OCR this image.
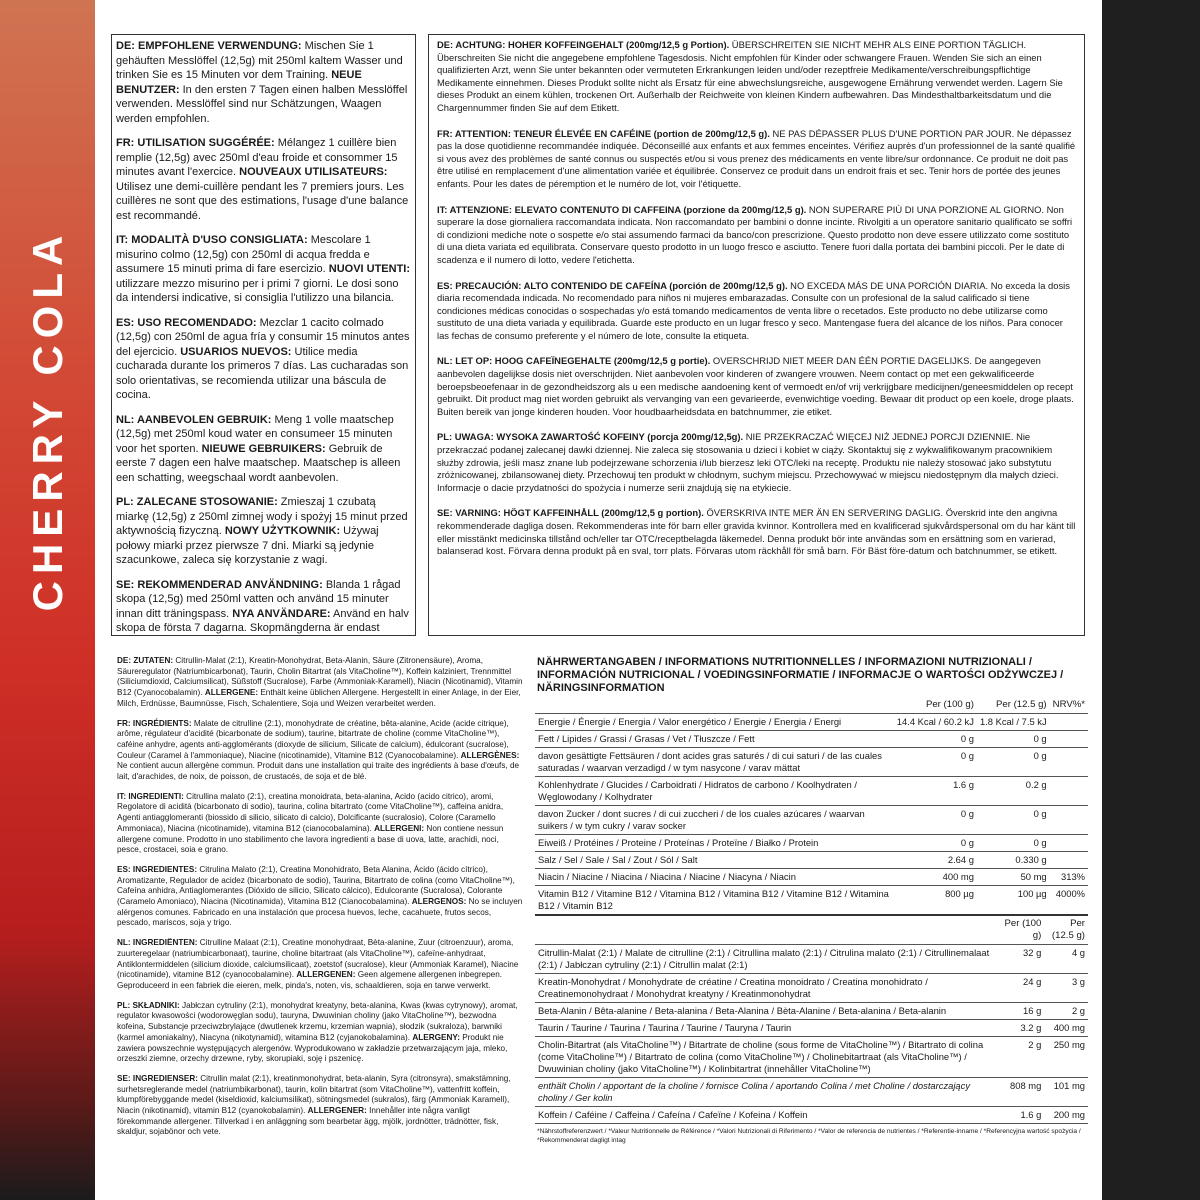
CHERRY COLA

DE: EMPFOHLENE VERWENDUNG: Mischen Sie 1 gehäuften Messlöffel (12,5g) mit 250ml kaltem Wasser und trinken Sie es 15 Minuten vor dem Training. NEUE BENUTZER: In den ersten 7 Tagen einen halben Messlöffel verwenden. Messlöffel sind nur Schätzungen, Waagen werden empfohlen.

FR: UTILISATION SUGGÉRÉE: Mélangez 1 cuillère bien remplie (12,5g) avec 250ml d'eau froide et consommer 15 minutes avant l'exercice. NOUVEAUX UTILISATEURS: Utilisez une demi-cuillère pendant les 7 premiers jours. Les cuillères ne sont que des estimations, l'usage d'une balance est recommandé.

IT: MODALITÀ D'USO CONSIGLIATA: Mescolare 1 misurino colmo (12,5g) con 250ml di acqua fredda e assumere 15 minuti prima di fare esercizio. NUOVI UTENTI: utilizzare mezzo misurino per i primi 7 giorni. Le dosi sono da intendersi indicative, si consiglia l'utilizzo una bilancia.

ES: USO RECOMENDADO: Mezclar 1 cacito colmado (12,5g) con 250ml de agua fría y consumir 15 minutos antes del ejercicio. USUARIOS NUEVOS: Utilice media cucharada durante los primeros 7 días. Las cucharadas son solo orientativas, se recomienda utilizar una báscula de cocina.

NL: AANBEVOLEN GEBRUIK: Meng 1 volle maatschep (12,5g) met 250ml koud water en consumeer 15 minuten voor het sporten. NIEUWE GEBRUIKERS: Gebruik de eerste 7 dagen een halve maatschep. Maatschep is alleen een schatting, weegschaal wordt aanbevolen.

PL: ZALECANE STOSOWANIE: Zmieszaj 1 czubatą miarkę (12,5g) z 250ml zimnej wody i spożyj 15 minut przed aktywnością fizyczną. NOWY UŻYTKOWNIK: Używaj połowy miarki przez pierwsze 7 dni. Miarki są jedynie szacunkowe, zaleca się korzystanie z wagi.

SE: REKOMMENDERAD ANVÄNDNING: Blanda 1 rågad skopa (12,5g) med 250ml vatten och använd 15 minuter innan ditt träningspass. NYA ANVÄNDARE: Använd en halv skopa de första 7 dagarna. Skopmängderna är endast

DE: ACHTUNG: HOHER KOFFEINGEHALT (200mg/12,5 g Portion). ÜBERSCHREITEN SIE NICHT MEHR ALS EINE PORTION TÄGLICH. Überschreiten Sie nicht die angegebene empfohlene Tagesdosis. Nicht empfohlen für Kinder oder schwangere Frauen. Wenden Sie sich an einen qualifizierten Arzt, wenn Sie unter bekannten oder vermuteten Erkrankungen leiden und/oder rezeptfreie Medikamente/verschreibungspflichtige Medikamente einnehmen. Dieses Produkt sollte nicht als Ersatz für eine abwechslungsreiche, ausgewogene Ernährung verwendet werden. Lagern Sie dieses Produkt an einem kühlen, trockenen Ort. Außerhalb der Reichweite von kleinen Kindern aufbewahren. Das Mindesthaltbarkeitsdatum und die Chargennummer finden Sie auf dem Etikett.

FR: ATTENTION: TENEUR ÉLEVÉE EN CAFÉINE (portion de 200mg/12,5 g). NE PAS DÉPASSER PLUS D'UNE PORTION PAR JOUR. Ne dépassez pas la dose quotidienne recommandée indiquée. Déconseillé aux enfants et aux femmes enceintes. Vérifiez auprès d'un professionnel de la santé qualifié si vous avez des problèmes de santé connus ou suspectés et/ou si vous prenez des médicaments en vente libre/sur ordonnance. Ce produit ne doit pas être utilisé en remplacement d'une alimentation variée et équilibrée. Conservez ce produit dans un endroit frais et sec. Tenir hors de portée des jeunes enfants. Pour les dates de péremption et le numéro de lot, voir l'étiquette.

IT: ATTENZIONE: ELEVATO CONTENUTO DI CAFFEINA (porzione da 200mg/12,5 g). NON SUPERARE PIÙ DI UNA PORZIONE AL GIORNO. Non superare la dose giornaliera raccomandata indicata. Non raccomandato per bambini o donne incinte. Rivolgiti a un operatore sanitario qualificato se soffri di condizioni mediche note o sospette e/o stai assumendo farmaci da banco/con prescrizione. Questo prodotto non deve essere utilizzato come sostituto di una dieta variata ed equilibrata. Conservare questo prodotto in un luogo fresco e asciutto. Tenere fuori dalla portata dei bambini piccoli. Per le date di scadenza e il numero di lotto, vedere l'etichetta.

ES: PRECAUCIÓN: ALTO CONTENIDO DE CAFEÍNA (porción de 200mg/12,5 g). NO EXCEDA MÁS DE UNA PORCIÓN DIARIA. No exceda la dosis diaria recomendada indicada. No recomendado para niños ni mujeres embarazadas. Consulte con un profesional de la salud calificado si tiene condiciones médicas conocidas o sospechadas y/o está tomando medicamentos de venta libre o recetados. Este producto no debe utilizarse como sustituto de una dieta variada y equilibrada. Guarde este producto en un lugar fresco y seco. Mantengase fuera del alcance de los niños. Para conocer las fechas de consumo preferente y el número de lote, consulte la etiqueta.

NL: LET OP: HOOG CAFEÏNEGEHALTE (200mg/12,5 g portie). OVERSCHRIJD NIET MEER DAN ÉÉN PORTIE DAGELIJKS. De aangegeven aanbevolen dagelijkse dosis niet overschrijden. Niet aanbevolen voor kinderen of zwangere vrouwen. Neem contact op met een gekwalificeerde beroepsbeoefenaar in de gezondheidszorg als u een medische aandoening kent of vermoedt en/of vrij verkrijgbare medicijnen/geneesmiddelen op recept gebruikt. Dit product mag niet worden gebruikt als vervanging van een gevarieerde, evenwichtige voeding. Bewaar dit product op een koele, droge plaats. Buiten bereik van jonge kinderen houden. Voor houdbaarheidsdata en batchnummer, zie etiket.

PL: UWAGA: WYSOKA ZAWARTOŚĆ KOFEINY (porcja 200mg/12,5g). NIE PRZEKRACZAĆ WIĘCEJ NIŻ JEDNEJ PORCJI DZIENNIE. Nie przekraczać podanej zalecanej dawki dziennej. Nie zaleca się stosowania u dzieci i kobiet w ciąży. Skontaktuj się z wykwalifikowanym pracownikiem służby zdrowia, jeśli masz znane lub podejrzewane schorzenia i/lub bierzesz leki OTC/leki na receptę. Produktu nie należy stosować jako substytutu zróżnicowanej, zbilansowanej diety. Przechowuj ten produkt w chłodnym, suchym miejscu. Przechowywać w miejscu niedostępnym dla małych dzieci. Informacje o dacie przydatności do spożycia i numerze serii znajdują się na etykiecie.

SE: VARNING: HÖGT KAFFEINHÅLL (200mg/12,5 g portion). ÖVERSKRIVA INTE MER ÄN EN SERVERING DAGLIG. Överskrid inte den angivna rekommenderade dagliga dosen. Rekommenderas inte för barn eller gravida kvinnor. Kontrollera med en kvalificerad sjukvårdspersonal om du har känt till eller misstänkt medicinska tillstånd och/eller tar OTC/receptbelagda läkemedel. Denna produkt bör inte användas som en ersättning som en varierad, balanserad kost. Förvara denna produkt på en sval, torr plats. Förvaras utom räckhåll för små barn. För Bäst före-datum och batchnummer, se etikett.

DE: ZUTATEN: Citrullin-Malat (2:1), Kreatin-Monohydrat, Beta-Alanin, Säure (Zitronensäure), Aroma, Säureregulator (Natriumbicarbonat), Taurin, Cholin Bitartrat (als VitaCholine™), Koffein kalziniert, Trennmittel (Siliciumdioxid, Calciumsilicat), Süßstoff (Sucralose), Farbe (Ammoniak-Karamell), Niacin (Nicotinamid), Vitamin B12 (Cyanocobalamin). ALLERGENE: Enthält keine üblichen Allergene. Hergestellt in einer Anlage, in der Eier, Milch, Erdnüsse, Baumnüsse, Fisch, Schalentiere, Soja und Weizen verarbeitet werden.

FR: INGRÉDIENTS: Malate de citrulline (2:1), monohydrate de créatine, bêta-alanine, Acide (acide citrique), arôme, régulateur d'acidité (bicarbonate de sodium), taurine, bitartrate de choline (comme VitaCholine™), caféine anhydre, agents anti-agglomérants (dioxyde de silicium, Silicate de calcium), édulcorant (sucralose), Couleur (Caramel à l'ammoniaque), Niacine (nicotinamide), Vitamine B12 (Cyanocobalamine). ALLERGÈNES: Ne contient aucun allergène commun. Produit dans une installation qui traite des ingrédients à base d'œufs, de lait, d'arachides, de noix, de poisson, de crustacés, de soja et de blé.

IT: INGREDIENTI: Citrullina malato (2:1), creatina monoidrata, beta-alanina, Acido (acido citrico), aromi, Regolatore di acidità (bicarbonato di sodio), taurina, colina bitartrato (come VitaCholine™), caffeina anidra, Agenti antiagglomeranti (biossido di silicio, silicato di calcio), Dolcificante (sucralosio), Colore (Caramello Ammoniaca), Niacina (nicotinamide), vitamina B12 (cianocobalamina). ALLERGENI: Non contiene nessun allergene comune. Prodotto in uno stabilimento che lavora ingredienti a base di uova, latte, arachidi, noci, pesce, crostacei, soia e grano.

ES: INGREDIENTES: Citrulina Malato (2:1), Creatina Monohidrato, Beta Alanina, Ácido (ácido cítrico), Aromatizante, Regulador de acidez (bicarbonato de sodio), Taurina, Bitartrato de colina (como VitaCholine™), Cafeína anhidra, Antiaglomerantes (Dióxido de silicio, Silicato cálcico), Edulcorante (Sucralosa), Colorante (Caramelo Amoniaco), Niacina (Nicotinamida), Vitamina B12 (Cianocobalamina). ALERGENOS: No se incluyen alérgenos comunes. Fabricado en una instalación que procesa huevos, leche, cacahuete, frutos secos, pescado, mariscos, soja y trigo.

NL: INGREDIËNTEN: Citrulline Malaat (2:1), Creatine monohydraat, Bèta-alanine, Zuur (citroenzuur), aroma, zuurteregelaar (natriumbicarbonaat), taurine, choline bitartraat (als VitaCholine™), cafeïne-anhydraat, Antiklontermiddelen (silicium dioxide, calciumsilicaat), zoetstof (sucralose), kleur (Ammoniak Karamel), Niacine (nicotinamide), vitamine B12 (cyanocobalamine). ALLERGENEN: Geen algemene allergenen inbegrepen. Geproduceerd in een fabriek die eieren, melk, pinda's, noten, vis, schaaldieren, soja en tarwe verwerkt.

PL: SKŁADNIKI: Jabłczan cytruliny (2:1), monohydrat kreatyny, beta-alanina, Kwas (kwas cytrynowy), aromat, regulator kwasowości (wodorowęglan sodu), tauryna, Dwuwinian choliny (jako VitaCholine™), bezwodna kofeina, Substancje przeciwzbrylające (dwutlenek krzemu, krzemian wapnia), słodzik (sukraloza), barwniki (karmel amoniakalny), Niacyna (nikotynamid), witamina B12 (cyjanokobalamina). ALERGENY: Produkt nie zawiera powszechnie występujących alergenów. Wyprodukowano w zakładzie przetwarzającym jaja, mleko, orzeszki ziemne, orzechy drzewne, ryby, skorupiaki, soję i pszenicę.

SE: INGREDIENSER: Citrullin malat (2:1), kreatinmonohydrat, beta-alanin, Syra (citronsyra), smakstämning, surhetsreglerande medel (natriumbikarbonat), taurin, kolin bitartrat (som VitaCholine™), vattenfritt koffein, klumpförebyggande medel (kiseldioxid, kalciumsilikat), sötningsmedel (sukralos), färg (Ammoniak Karamell), Niacin (nikotinamid), vitamin B12 (cyanokobalamin). ALLERGENER: Innehåller inte några vanligt förekommande allergener. Tillverkad i en anläggning som bearbetar ägg, mjölk, jordnötter, trädnötter, fisk, skaldjur, sojabönor och vete.

NÄHRWERTANGABEN / INFORMATIONS NUTRITIONNELLES / INFORMAZIONI NUTRIZIONALI / INFORMACIÓN NUTRICIONAL / VOEDINGSINFORMATIE / INFORMACJE O WARTOŚCI ODŻYWCZEJ / NÄRINGSINFORMATION
	Per (100 g)	Per (12.5 g)	NRV%*
Energie / Énergie / Energia / Valor energético / Energie / Energia / Energi	14.4 Kcal / 60.2 kJ	1.8 Kcal / 7.5 kJ	
Fett / Lipides / Grassi / Grasas / Vet / Tłuszcze / Fett	0 g	0 g	
davon gesättigte Fettsäuren / dont acides gras saturés / di cui saturi / de las cuales saturadas / waarvan verzadigd / w tym nasycone / varav mättat	0 g	0 g	
Kohlenhydrate / Glucides / Carboidrati / Hidratos de carbono / Koolhydraten / Węglowodany / Kolhydrater	1.6 g	0.2 g	
davon Zucker / dont sucres / di cui zuccheri / de los cuales azúcares / waarvan suikers / w tym cukry / varav socker	0 g	0 g	
Eiweiß / Protéines / Proteine / Proteínas / Proteïne / Białko / Protein	0 g	0 g	
Salz / Sel / Sale / Sal / Zout / Sól / Salt	2.64 g	0.330 g	
Niacin / Niacine / Niacina / Niacina / Niacine / Niacyna / Niacin	400 mg	50 mg	313%
Vitamin B12 / Vitamine B12 / Vitamina B12 / Vitamina B12 / Vitamine B12 / Witamina B12 / Vitamin B12	800 µg	100 µg	4000%
	Per (100 g)	Per (12.5 g)
Citrullin-Malat (2:1) / Malate de citrulline (2:1) / Citrullina malato (2:1) / Citrulina malato (2:1) / Citrullinemalaat (2:1) / Jabłczan cytruliny (2:1) / Citrullin malat (2:1)	32 g	4 g
Kreatin-Monohydrat / Monohydrate de créatine / Creatina monoidrato / Creatina monohidrato / Creatinemonohydraat / Monohydrat kreatyny / Kreatinmonohydrat	24 g	3 g
Beta-Alanin / Bêta-alanine / Beta-alanina / Beta-Alanina / Bèta-Alanine / Beta-alanina / Beta-alanin	16 g	2 g
Taurin / Taurine / Taurina / Taurina / Taurine / Tauryna / Taurin	3.2 g	400 mg
Cholin-Bitartrat (als VitaCholine™) / Bitartrate de choline (sous forme de VitaCholine™) / Bitartrato di colina (come VitaCholine™) / Bitartrato de colina (como VitaCholine™) / Cholinebitartraat (als VitaCholine™) / Dwuwinian choliny (jako VitaCholine™) / Kolinbitartrat (innehåller VitaCholine™)	2 g	250 mg
enthält Cholin / apportant de la choline / fornisce Colina / aportando Colina / met Choline / dostarczający choliny / Ger kolin	808 mg	101 mg
Koffein / Caféine / Caffeina / Cafeína / Cafeïne / Kofeina / Koffein	1.6 g	200 mg
*Nährstoffreferenzwert / *Valeur Nutritionnelle de Référence / *Valori Nutrizionali di Riferimento / *Valor de referencia de nutrientes / *Referentie-inname / *Referencyjna wartość spożycia / *Rekommenderat dagligt intag
